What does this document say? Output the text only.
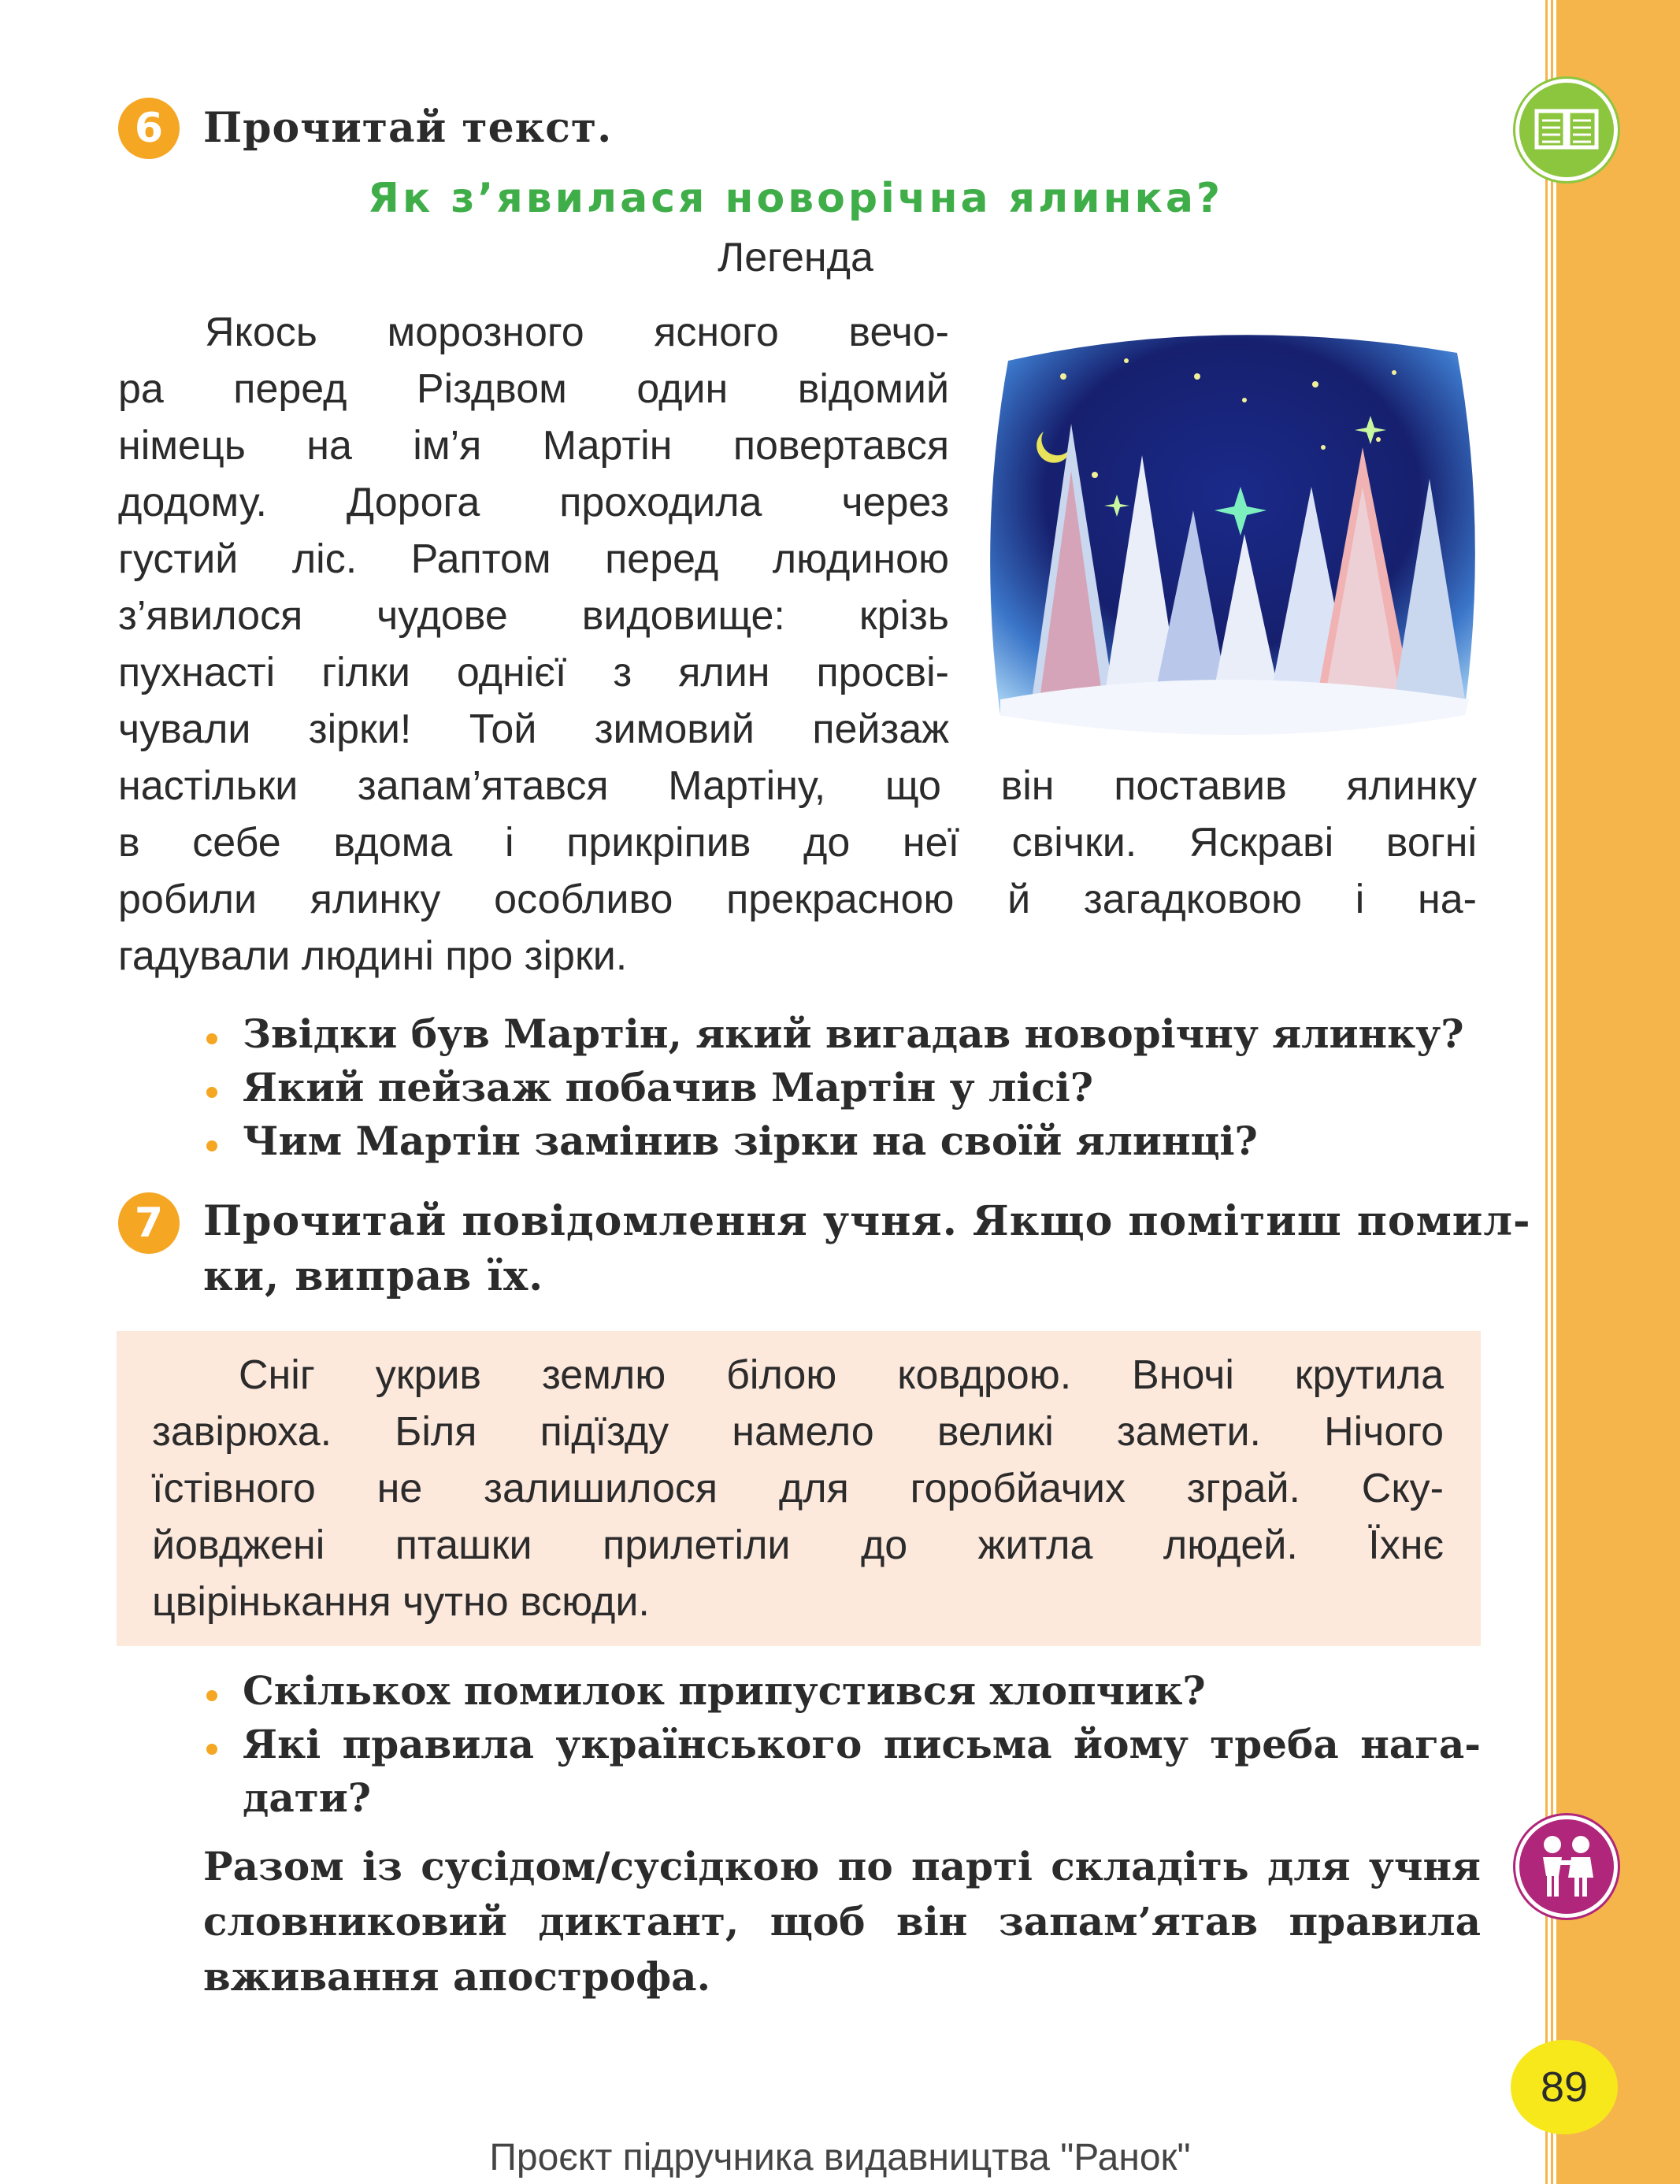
6 Прочитай текст.
Як з’явилася новорічна ялинка?
Легенда
Якось морозного ясного вечо-
ра перед Різдвом один відомий
німець на ім’я Мартін повертався
додому. Дорога проходила через
густий ліс. Раптом перед людиною
з’явилося чудове видовище: крізь
пухнасті гілки однієї з ялин просві-
чували зірки! Той зимовий пейзаж
настільки запам’ятався Мартіну, що він поставив ялинку
в себе вдома і прикріпив до неї свічки. Яскраві вогні
робили ялинку особливо прекрасною й загадковою і на-
гадували людині про зірки.
Звідки був Мартін, який вигадав новорічну ялинку?
Який пейзаж побачив Мартін у лісі?
Чим Мартін замінив зірки на своїй ялинці?
7 Прочитай повідомлення учня. Якщо помітиш помил-
ки, виправ їх.
Сніг укрив землю білою ковдрою. Вночі крутила
завірюха. Біля підїзду намело великі замети. Нічого
їстівного не залишилося для горобйачих зграй. Ску-
йовджені пташки прилетіли до житла людей. Їхнє
цвірінькання чутно всюди.
Скількох помилок припустився хлопчик?
Які правила українського письма йому треба нага-
дати?
Разом із сусідом/сусідкою по парті складіть для учня
словниковий диктант, щоб він запам’ятав правила
вживання апострофа.
89
Проєкт підручника видавництва "Ранок"
